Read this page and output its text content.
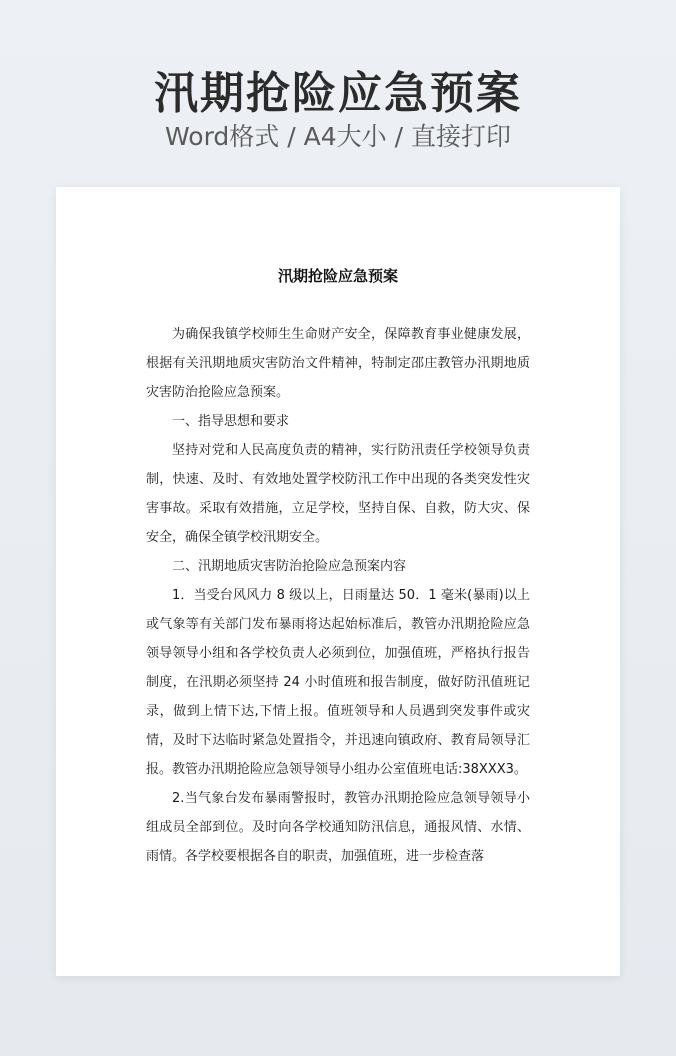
汛期抢险应急预案
Word格式 / A4大小 / 直接打印
汛期抢险应急预案

为确保我镇学校师生生命财产安全，保障教育事业健康发展，根据有关汛期地质灾害防治文件精神，特制定邵庄教管办汛期地质灾害防治抢险应急预案。

一、指导思想和要求

坚持对党和人民高度负责的精神，实行防汛责任学校领导负责制，快速、及时、有效地处置学校防汛工作中出现的各类突发性灾害事故。采取有效措施，立足学校，坚持自保、自救，防大灾、保安全，确保全镇学校汛期安全。

二、汛期地质灾害防治抢险应急预案内容

1．当受台风风力 8 级以上，日雨量达 50．1 毫米(暴雨)以上或气象等有关部门发布暴雨将达起始标准后，教管办汛期抢险应急领导领导小组和各学校负责人必须到位，加强值班，严格执行报告制度，在汛期必须坚持 24 小时值班和报告制度，做好防汛值班记录，做到上情下达,下情上报。值班领导和人员遇到突发事件或灾情，及时下达临时紧急处置指令，并迅速向镇政府、教育局领导汇报。教管办汛期抢险应急领导领导小组办公室值班电话:38XXX3。

2.当气象台发布暴雨警报时，教管办汛期抢险应急领导领导小组成员全部到位。及时向各学校通知防汛信息，通报风情、水情、雨情。各学校要根据各自的职责，加强值班，进一步检查落
